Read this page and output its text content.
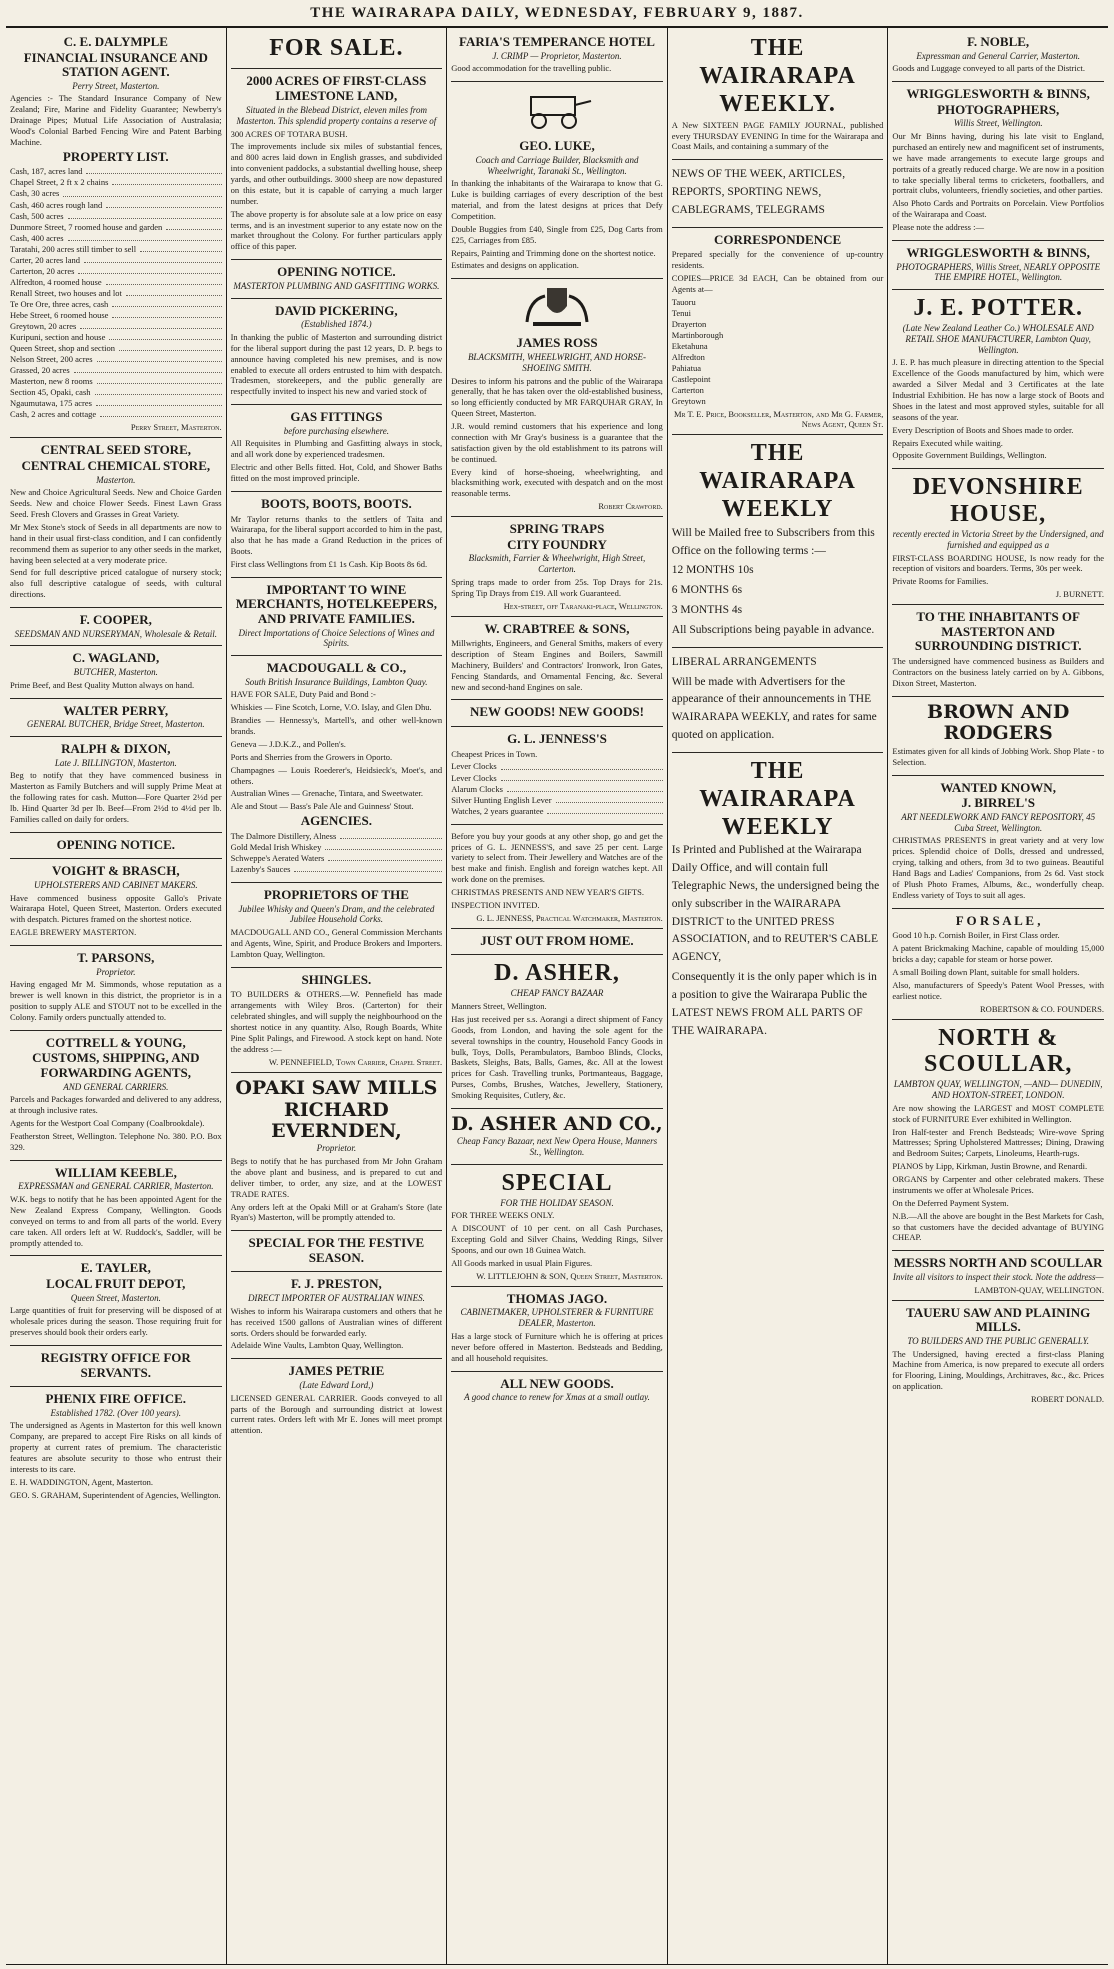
THE WAIRARAPA DAILY, WEDNESDAY, FEBRUARY 9, 1887.
C. E. DALYMPLE
FINANCIAL INSURANCE AND STATION AGENT.
Perry Street, Masterton.

Agencies :- The Standard Insurance Company of New Zealand; Fire, Marine and Fidelity Guarantee; Newberry's Drainage Pipes; Mutual Life Association of Australasia; Wood's Colonial Barbed Fencing Wire and Patent Barbing Machine.

PROPERTY LIST.
Cash, 187, acres land
Chapel Street, 2 ft x 2 chains
Cash, 30 acres
Cash, 460 acres rough land
Cash, 500 acres
Dunmore Street, 7 roomed house and garden
Cash, 400 acres
Taratahi, 200 acres still timber to sell
Carter, 20 acres land
Carterton, 20 acres
Alfredton, 4 roomed house
Renall Street, two houses and lot
Te Ore Ore, three acres, cash
Hebe Street, 6 roomed house
Greytown, 20 acres
Kuripuni, section and house
Queen Street, shop and section
Nelson Street, 200 acres
Grassed, 20 acres
Masterton, new 8 rooms
Section 45, Opaki, cash
Ngaumutawa, 175 acres
Cash, 2 acres and cottage
Perry Street, Masterton.
CENTRAL SEED STORE,
CENTRAL CHEMICAL STORE,
Masterton.

New and Choice Agricultural Seeds. New and Choice Garden Seeds. New and choice Flower Seeds. Finest Lawn Grass Seed. Fresh Clovers and Grasses in Great Variety.

Mr Mex Stone's stock of Seeds in all departments are now to hand in their usual first-class condition, and I can confidently recommend them as superior to any other seeds in the market, having been selected at a very moderate price.

Send for full descriptive priced catalogue of nursery stock; also full descriptive catalogue of seeds, with cultural directions.

F. COOPER,
SEEDSMAN AND NURSERYMAN, Wholesale & Retail.
C. WAGLAND,
BUTCHER, Masterton.

Prime Beef, and Best Quality Mutton always on hand.

WALTER PERRY,
GENERAL BUTCHER, Bridge Street, Masterton.
RALPH & DIXON,
Late J. BILLINGTON, Masterton.

Beg to notify that they have commenced business in Masterton as Family Butchers and will supply Prime Meat at the following rates for cash. Mutton—Fore Quarter 2½d per lb. Hind Quarter 3d per lb. Beef—From 2½d to 4½d per lb. Families called on daily for orders.

OPENING NOTICE.
VOIGHT & BRASCH,
UPHOLSTERERS AND CABINET MAKERS.

Have commenced business opposite Gallo's Private Wairarapa Hotel, Queen Street, Masterton. Orders executed with despatch. Pictures framed on the shortest notice.

EAGLE BREWERY MASTERTON.

T. PARSONS,
Proprietor.

Having engaged Mr M. Simmonds, whose reputation as a brewer is well known in this district, the proprietor is in a position to supply ALE and STOUT not to be excelled in the Colony. Family orders punctually attended to.

COTTRELL & YOUNG,
CUSTOMS, SHIPPING, AND FORWARDING AGENTS,
AND GENERAL CARRIERS.

Parcels and Packages forwarded and delivered to any address, at through inclusive rates.

Agents for the Westport Coal Company (Coalbrookdale).

Featherston Street, Wellington. Telephone No. 380. P.O. Box 329.

WILLIAM KEEBLE,
EXPRESSMAN and GENERAL CARRIER, Masterton.

W.K. begs to notify that he has been appointed Agent for the New Zealand Express Company, Wellington. Goods conveyed on terms to and from all parts of the world. Every care taken. All orders left at W. Ruddock's, Saddler, will be promptly attended to.

E. TAYLER,
LOCAL FRUIT DEPOT,
Queen Street, Masterton.

Large quantities of fruit for preserving will be disposed of at wholesale prices during the season. Those requiring fruit for preserves should book their orders early.

REGISTRY OFFICE FOR SERVANTS.
PHENIX FIRE OFFICE.
Established 1782. (Over 100 years).

The undersigned as Agents in Masterton for this well known Company, are prepared to accept Fire Risks on all kinds of property at current rates of premium. The characteristic features are absolute security to those who entrust their interests to its care.

E. H. WADDINGTON, Agent, Masterton.

GEO. S. GRAHAM, Superintendent of Agencies, Wellington.

FOR SALE.
2000 ACRES OF FIRST-CLASS
LIMESTONE LAND,
Situated in the Blebead District, eleven miles from Masterton. This splendid property contains a reserve of

300 ACRES OF TOTARA BUSH.

The improvements include six miles of substantial fences, and 800 acres laid down in English grasses, and subdivided into convenient paddocks, a substantial dwelling house, sheep yards, and other outbuildings. 3000 sheep are now depastured on this estate, but it is capable of carrying a much larger number.

The above property is for absolute sale at a low price on easy terms, and is an investment superior to any estate now on the market throughout the Colony. For further particulars apply office of this paper.

OPENING NOTICE.
MASTERTON PLUMBING AND GASFITTING WORKS.
DAVID PICKERING,
(Established 1874.)

In thanking the public of Masterton and surrounding district for the liberal support during the past 12 years, D. P. begs to announce having completed his new premises, and is now enabled to execute all orders entrusted to him with despatch. Tradesmen, storekeepers, and the public generally are respectfully invited to inspect his new and varied stock of

GAS FITTINGS
before purchasing elsewhere.

All Requisites in Plumbing and Gasfitting always in stock, and all work done by experienced tradesmen.

Electric and other Bells fitted. Hot, Cold, and Shower Baths fitted on the most improved principle.

BOOTS, BOOTS, BOOTS.

Mr Taylor returns thanks to the settlers of Taita and Wairarapa, for the liberal support accorded to him in the past, also that he has made a Grand Reduction in the prices of Boots.

First class Wellingtons from £1 1s Cash. Kip Boots 8s 6d.

IMPORTANT TO WINE MERCHANTS, HOTELKEEPERS, AND PRIVATE FAMILIES.
Direct Importations of Choice Selections of Wines and Spirits.
MACDOUGALL & CO.,
South British Insurance Buildings, Lambton Quay.

HAVE FOR SALE, Duty Paid and Bond :-

Whiskies — Fine Scotch, Lorne, V.O. Islay, and Glen Dhu.

Brandies — Hennessy's, Martell's, and other well-known brands.

Geneva — J.D.K.Z., and Pollen's.

Ports and Sherries from the Growers in Oporto.

Champagnes — Louis Roederer's, Heidsieck's, Moet's, and others.

Australian Wines — Grenache, Tintara, and Sweetwater.

Ale and Stout — Bass's Pale Ale and Guinness' Stout.

AGENCIES.
The Dalmore Distillery, Alness
Gold Medal Irish Whiskey
Schweppe's Aerated Waters
Lazenby's Sauces
PROPRIETORS OF THE
Jubilee Whisky and Queen's Dram, and the celebrated Jubilee Household Corks.

MACDOUGALL AND CO., General Commission Merchants and Agents, Wine, Spirit, and Produce Brokers and Importers. Lambton Quay, Wellington.

SHINGLES.

TO BUILDERS & OTHERS.—W. Pennefield has made arrangements with Wiley Bros. (Carterton) for their celebrated shingles, and will supply the neighbourhood on the shortest notice in any quantity. Also, Rough Boards, White Pine Split Palings, and Firewood. A stock kept on hand. Note the address :—

W. PENNEFIELD, Town Carrier, Chapel Street.
OPAKI SAW MILLS
RICHARD EVERNDEN,
Proprietor.

Begs to notify that he has purchased from Mr John Graham the above plant and business, and is prepared to cut and deliver timber, to order, any size, and at the LOWEST TRADE RATES.

Any orders left at the Opaki Mill or at Graham's Store (late Ryan's) Masterton, will be promptly attended to.

SPECIAL FOR THE FESTIVE SEASON.
F. J. PRESTON,
DIRECT IMPORTER OF AUSTRALIAN WINES.

Wishes to inform his Wairarapa customers and others that he has received 1500 gallons of Australian wines of different sorts. Orders should be forwarded early.

Adelaide Wine Vaults, Lambton Quay, Wellington.

JAMES PETRIE
(Late Edward Lord,)

LICENSED GENERAL CARRIER. Goods conveyed to all parts of the Borough and surrounding district at lowest current rates. Orders left with Mr E. Jones will meet prompt attention.

FARIA'S TEMPERANCE HOTEL
J. CRIMP — Proprietor, Masterton.

Good accommodation for the travelling public.

GEO. LUKE,
Coach and Carriage Builder, Blacksmith and Wheelwright, Taranaki St., Wellington.

In thanking the inhabitants of the Wairarapa to know that G. Luke is building carriages of every description of the best material, and from the latest designs at prices that Defy Competition.

Double Buggies from £40, Single from £25, Dog Carts from £25, Carriages from £85.

Repairs, Painting and Trimming done on the shortest notice.

Estimates and designs on application.

JAMES ROSS
BLACKSMITH, WHEELWRIGHT, AND HORSE-SHOEING SMITH.

Desires to inform his patrons and the public of the Wairarapa generally, that he has taken over the old-established business, so long efficiently conducted by MR FARQUHAR GRAY, In Queen Street, Masterton.

J.R. would remind customers that his experience and long connection with Mr Gray's business is a guarantee that the satisfaction given by the old establishment to its patrons will be continued.

Every kind of horse-shoeing, wheelwrighting, and blacksmithing work, executed with despatch and on the most reasonable terms.

Robert Crawford.
SPRING TRAPS
CITY FOUNDRY
Blacksmith, Farrier & Wheelwright, High Street, Carterton.

Spring traps made to order from 25s. Top Drays for 21s. Spring Tip Drays from £19. All work Guaranteed.

Hex-street, off Taranaki-place, Wellington.
W. CRABTREE & SONS,

Millwrights, Engineers, and General Smiths, makers of every description of Steam Engines and Boilers, Sawmill Machinery, Builders' and Contractors' Ironwork, Iron Gates, Fencing Standards, and Ornamental Fencing, &c. Several new and second-hand Engines on sale.

NEW GOODS! NEW GOODS!
G. L. JENNESS'S

Cheapest Prices in Town.

Lever Clocks
Lever Clocks
Alarum Clocks
Silver Hunting English Lever
Watches, 2 years guarantee

Before you buy your goods at any other shop, go and get the prices of G. L. JENNESS'S, and save 25 per cent. Large variety to select from. Their Jewellery and Watches are of the best make and finish. English and foreign watches kept. All work done on the premises.

CHRISTMAS PRESENTS AND NEW YEAR'S GIFTS.

INSPECTION INVITED.

G. L. JENNESS, Practical Watchmaker, Masterton.
JUST OUT FROM HOME.
D. ASHER,
CHEAP FANCY BAZAAR

Manners Street, Wellington.

Has just received per s.s. Aorangi a direct shipment of Fancy Goods, from London, and having the sole agent for the several townships in the country, Household Fancy Goods in bulk, Toys, Dolls, Perambulators, Bamboo Blinds, Clocks, Baskets, Sleighs, Bats, Balls, Games, &c. All at the lowest prices for Cash. Travelling trunks, Portmanteaus, Baggage, Purses, Combs, Brushes, Watches, Jewellery, Stationery, Smoking Requisites, Cutlery, &c.

D. ASHER AND CO.,
Cheap Fancy Bazaar, next New Opera House, Manners St., Wellington.
SPECIAL
FOR THE HOLIDAY SEASON.

FOR THREE WEEKS ONLY.

A DISCOUNT of 10 per cent. on all Cash Purchases, Excepting Gold and Silver Chains, Wedding Rings, Silver Spoons, and our own 18 Guinea Watch.

All Goods marked in usual Plain Figures.

W. LITTLEJOHN & SON, Queen Street, Masterton.
THOMAS JAGO.
CABINETMAKER, UPHOLSTERER & FURNITURE DEALER, Masterton.

Has a large stock of Furniture which he is offering at prices never before offered in Masterton. Bedsteads and Bedding, and all household requisites.

ALL NEW GOODS.
A good chance to renew for Xmas at a small outlay.
THE
WAIRARAPA
WEEKLY.

A New SIXTEEN PAGE FAMILY JOURNAL, published every THURSDAY EVENING In time for the Wairarapa and Coast Mails, and containing a summary of the

NEWS OF THE WEEK, ARTICLES, REPORTS, SPORTING NEWS, CABLEGRAMS, TELEGRAMS

CORRESPONDENCE

Prepared specially for the convenience of up-country residents.

COPIES—PRICE 3d EACH, Can be obtained from our Agents at—

Tauoru
Tenui
Drayerton
Martinborough
Eketahuna
Alfredton
Pahiatua
Castlepoint
Carterton
Greytown
Mr T. E. Price, Bookseller, Masterton, and Mr G. Farmer, News Agent, Queen St.
THE
WAIRARAPA
WEEKLY

Will be Mailed free to Subscribers from this Office on the following terms :—

12 MONTHS 10s

6 MONTHS 6s

3 MONTHS 4s

All Subscriptions being payable in advance.

LIBERAL ARRANGEMENTS

Will be made with Advertisers for the appearance of their announcements in THE WAIRARAPA WEEKLY, and rates for same quoted on application.

THE
WAIRARAPA
WEEKLY

Is Printed and Published at the Wairarapa Daily Office, and will contain full Telegraphic News, the undersigned being the only subscriber in the WAIRARAPA DISTRICT to the UNITED PRESS ASSOCIATION, and to REUTER'S CABLE AGENCY,

Consequently it is the only paper which is in a position to give the Wairarapa Public the LATEST NEWS FROM ALL PARTS OF THE WAIRARAPA.

F. NOBLE,
Expressman and General Carrier, Masterton.

Goods and Luggage conveyed to all parts of the District.

WRIGGLESWORTH & BINNS,
PHOTOGRAPHERS,
Willis Street, Wellington.

Our Mr Binns having, during his late visit to England, purchased an entirely new and magnificent set of instruments, we have made arrangements to execute large groups and portraits of a greatly reduced charge. We are now in a position to take specially liberal terms to cricketers, footballers, and portrait clubs, volunteers, friendly societies, and other parties.

Also Photo Cards and Portraits on Porcelain. View Portfolios of the Wairarapa and Coast.

Please note the address :—

WRIGGLESWORTH & BINNS,
PHOTOGRAPHERS, Willis Street, NEARLY OPPOSITE THE EMPIRE HOTEL, Wellington.
J. E. POTTER.
(Late New Zealand Leather Co.) WHOLESALE AND RETAIL SHOE MANUFACTURER, Lambton Quay, Wellington.

J. E. P. has much pleasure in directing attention to the Special Excellence of the Goods manufactured by him, which were awarded a Silver Medal and 3 Certificates at the late Industrial Exhibition. He has now a large stock of Boots and Shoes in the latest and most approved styles, suitable for all seasons of the year.

Every Description of Boots and Shoes made to order.

Repairs Executed while waiting.

Opposite Government Buildings, Wellington.

DEVONSHIRE HOUSE,
recently erected in Victoria Street by the Undersigned, and furnished and equipped as a

FIRST-CLASS BOARDING HOUSE, Is now ready for the reception of visitors and boarders. Terms, 30s per week.

Private Rooms for Families.

J. BURNETT.
TO THE INHABITANTS OF MASTERTON AND SURROUNDING DISTRICT.

The undersigned have commenced business as Builders and Contractors on the business lately carried on by A. Gibbons, Dixon Street, Masterton.

BROWN AND RODGERS

Estimates given for all kinds of Jobbing Work. Shop Plate - to Selection.

WANTED KNOWN,
J. BIRREL'S
ART NEEDLEWORK AND FANCY REPOSITORY, 45 Cuba Street, Wellington.

CHRISTMAS PRESENTS in great variety and at very low prices. Splendid choice of Dolls, dressed and undressed, crying, talking and others, from 3d to two guineas. Beautiful Hand Bags and Ladies' Companions, from 2s 6d. Vast stock of Plush Photo Frames, Albums, &c., wonderfully cheap. Endless variety of Toys to suit all ages.

F O R S A L E ,

Good 10 h.p. Cornish Boiler, in First Class order.

A patent Brickmaking Machine, capable of moulding 15,000 bricks a day; capable for steam or horse power.

A small Boiling down Plant, suitable for small holders.

Also, manufacturers of Speedy's Patent Wool Presses, with earliest notice.

ROBERTSON & CO. FOUNDERS.
NORTH & SCOULLAR,
LAMBTON QUAY, WELLINGTON, —AND— DUNEDIN, AND HOXTON-STREET, LONDON.

Are now showing the LARGEST and MOST COMPLETE stock of FURNITURE Ever exhibited in Wellington.

Iron Half-tester and French Bedsteads; Wire-wove Spring Mattresses; Spring Upholstered Mattresses; Dining, Drawing and Bedroom Suites; Carpets, Linoleums, Hearth-rugs.

PIANOS by Lipp, Kirkman, Justin Browne, and Renardi.

ORGANS by Carpenter and other celebrated makers. These instruments we offer at Wholesale Prices.

On the Deferred Payment System.

N.B.—All the above are bought in the Best Markets for Cash, so that customers have the decided advantage of BUYING CHEAP.

MESSRS NORTH AND SCOULLAR
Invite all visitors to inspect their stock. Note the address—
LAMBTON-QUAY, WELLINGTON.
TAUERU SAW AND PLAINING MILLS.
TO BUILDERS AND THE PUBLIC GENERALLY.

The Undersigned, having erected a first-class Planing Machine from America, is now prepared to execute all orders for Flooring, Lining, Mouldings, Architraves, &c., &c. Prices on application.

ROBERT DONALD.
